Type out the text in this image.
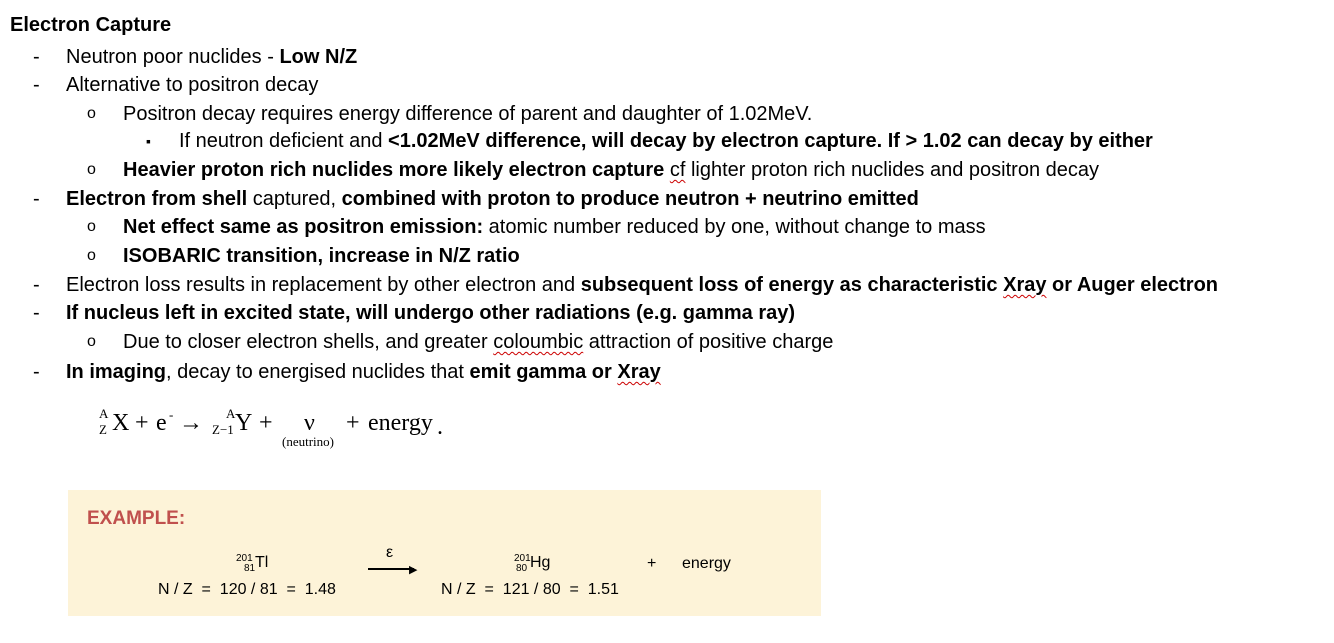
Electron Capture
- Neutron poor nuclides - Low N/Z
- Alternative to positron decay
o Positron decay requires energy difference of parent and daughter of 1.02MeV.
▪ If neutron deficient and <1.02MeV difference, will decay by electron capture. If > 1.02 can decay by either
o Heavier proton rich nuclides more likely electron capture cf lighter proton rich nuclides and positron decay
- Electron from shell captured, combined with proton to produce neutron + neutrino emitted
o Net effect same as positron emission: atomic number reduced by one, without change to mass
o ISOBARIC transition, increase in N/Z ratio
- Electron loss results in replacement by other electron and subsequent loss of energy as characteristic Xray or Auger electron
- If nucleus left in excited state, will undergo other radiations (e.g. gamma ray)
o Due to closer electron shells, and greater coloumbic attraction of positive charge
- In imaging, decay to energised nuclides that emit gamma or Xray
A
Z X + e - → A
Z−1 Y + ν
(neutrino)
+ energy .
EXAMPLE:
201
81 Tl
ε
▶
201
80 Hg	+ energy
N / Z  =  120 / 81  =  1.48	N / Z  =  121 / 80  =  1.51
